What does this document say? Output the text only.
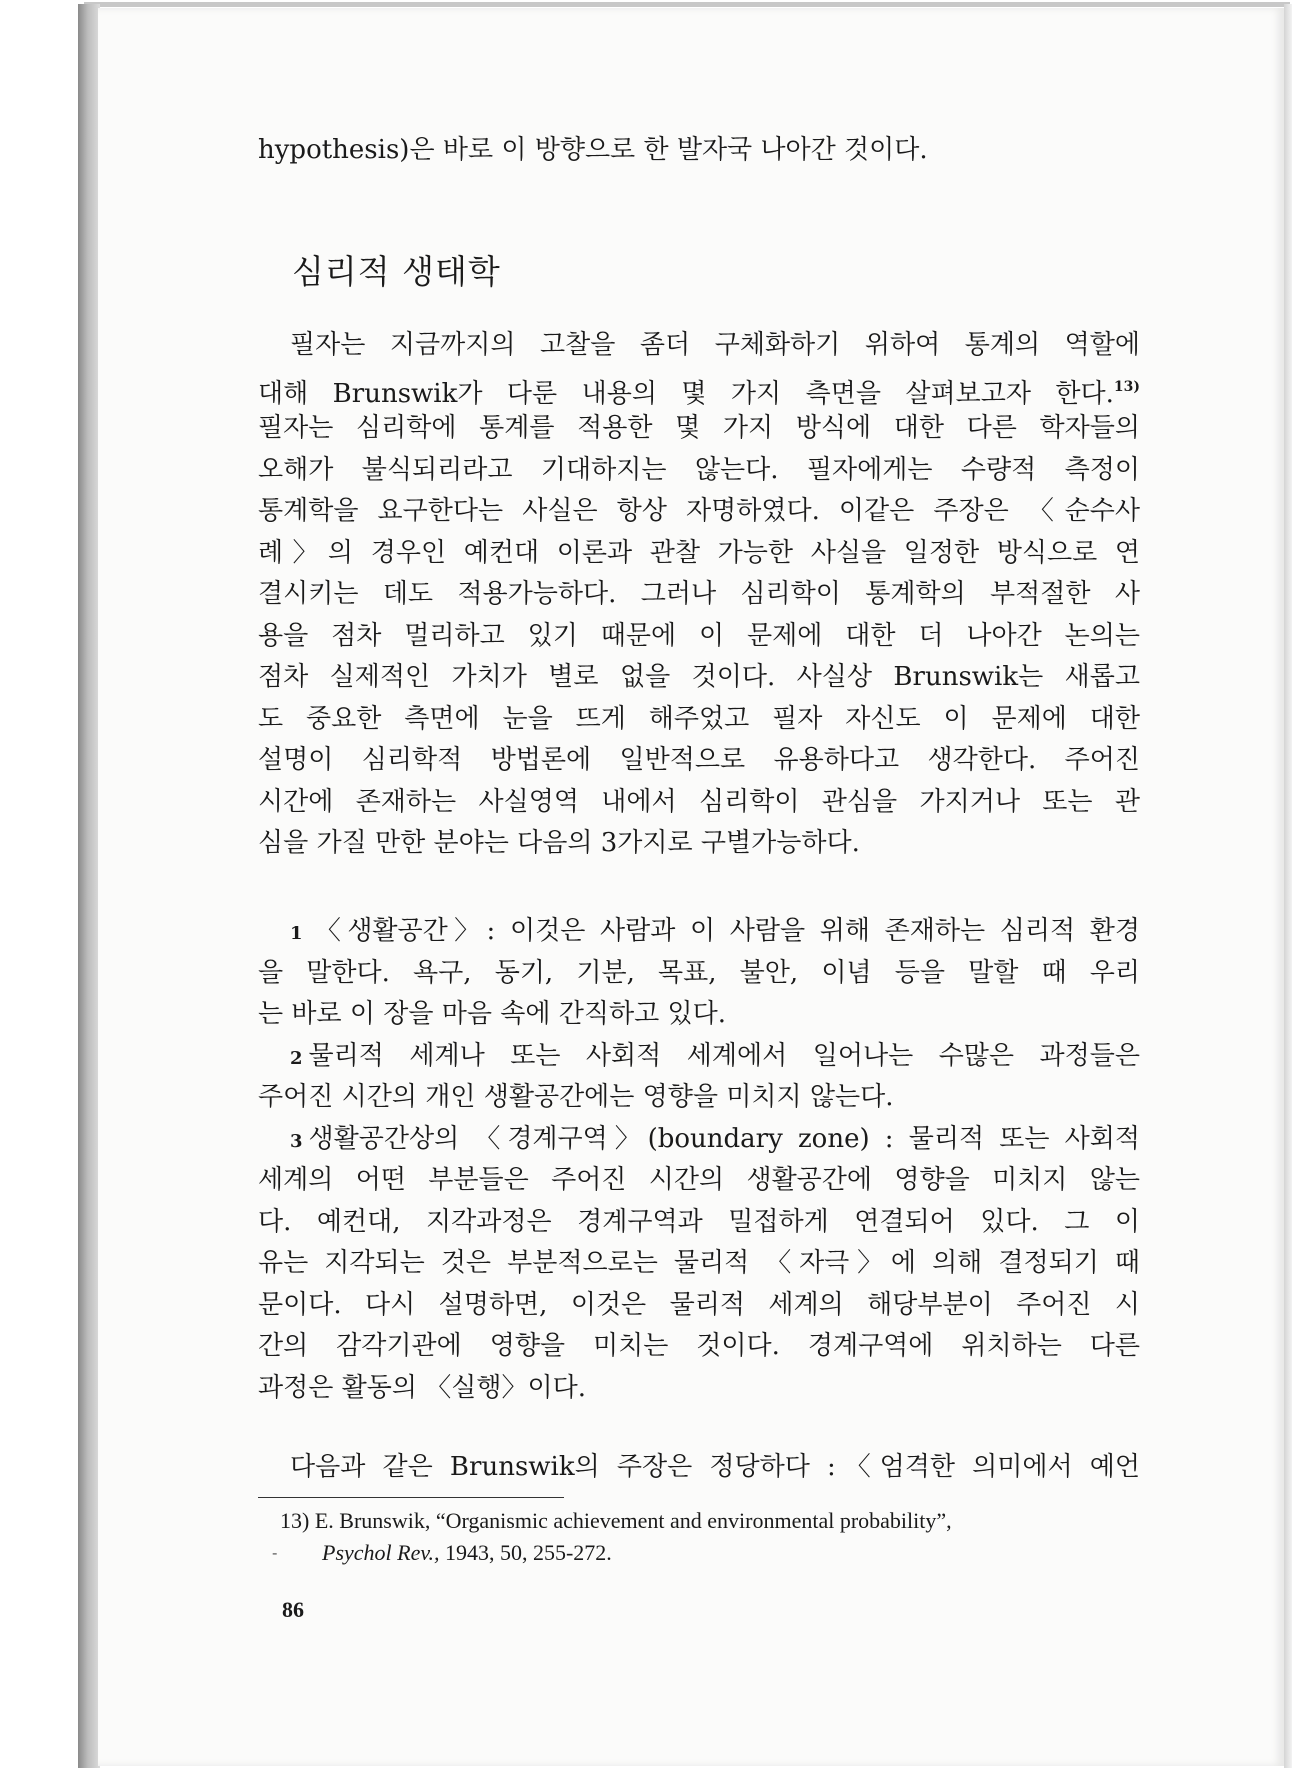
hypothesis)은 바로 이 방향으로 한 발자국 나아간 것이다.
심리적 생태학
필자는 지금까지의 고찰을 좀더 구체화하기 위하여 통계의 역할에
대해 Brunswik가 다룬 내용의 몇 가지 측면을 살펴보고자 한다.$^{13)}$
필자는 심리학에 통계를 적용한 몇 가지 방식에 대한 다른 학자들의
오해가 불식되리라고 기대하지는 않는다. 필자에게는 수량적 측정이
통계학을 요구한다는 사실은 항상 자명하였다. 이같은 주장은 〈순수사
례〉의 경우인 예컨대 이론과 관찰 가능한 사실을 일정한 방식으로 연
결시키는 데도 적용가능하다. 그러나 심리학이 통계학의 부적절한 사
용을 점차 멀리하고 있기 때문에 이 문제에 대한 더 나아간 논의는
점차 실제적인 가치가 별로 없을 것이다. 사실상 Brunswik는 새롭고
도 중요한 측면에 눈을 뜨게 해주었고 필자 자신도 이 문제에 대한
설명이 심리학적 방법론에 일반적으로 유용하다고 생각한다. 주어진
시간에 존재하는 사실영역 내에서 심리학이 관심을 가지거나 또는 관
심을 가질 만한 분야는 다음의 3가지로 구별가능하다.
1 〈생활공간〉: 이것은 사람과 이 사람을 위해 존재하는 심리적 환경
을 말한다. 욕구, 동기, 기분, 목표, 불안, 이념 등을 말할 때 우리
는 바로 이 장을 마음 속에 간직하고 있다.
2 물리적 세계나 또는 사회적 세계에서 일어나는 수많은 과정들은
주어진 시간의 개인 생활공간에는 영향을 미치지 않는다.
3 생활공간상의 〈경계구역〉(boundary zone) : 물리적 또는 사회적
세계의 어떤 부분들은 주어진 시간의 생활공간에 영향을 미치지 않는
다. 예컨대, 지각과정은 경계구역과 밀접하게 연결되어 있다. 그 이
유는 지각되는 것은 부분적으로는 물리적 〈자극〉에 의해 결정되기 때
문이다. 다시 설명하면, 이것은 물리적 세계의 해당부분이 주어진 시
간의 감각기관에 영향을 미치는 것이다. 경계구역에 위치하는 다른
과정은 활동의 〈실행〉이다.
다음과 같은 Brunswik의 주장은 정당하다 :〈엄격한 의미에서 예언
13) E. Brunswik, “Organismic achievement and environmental probability”,
- Psychol Rev., 1943, 50, 255-272.
86
